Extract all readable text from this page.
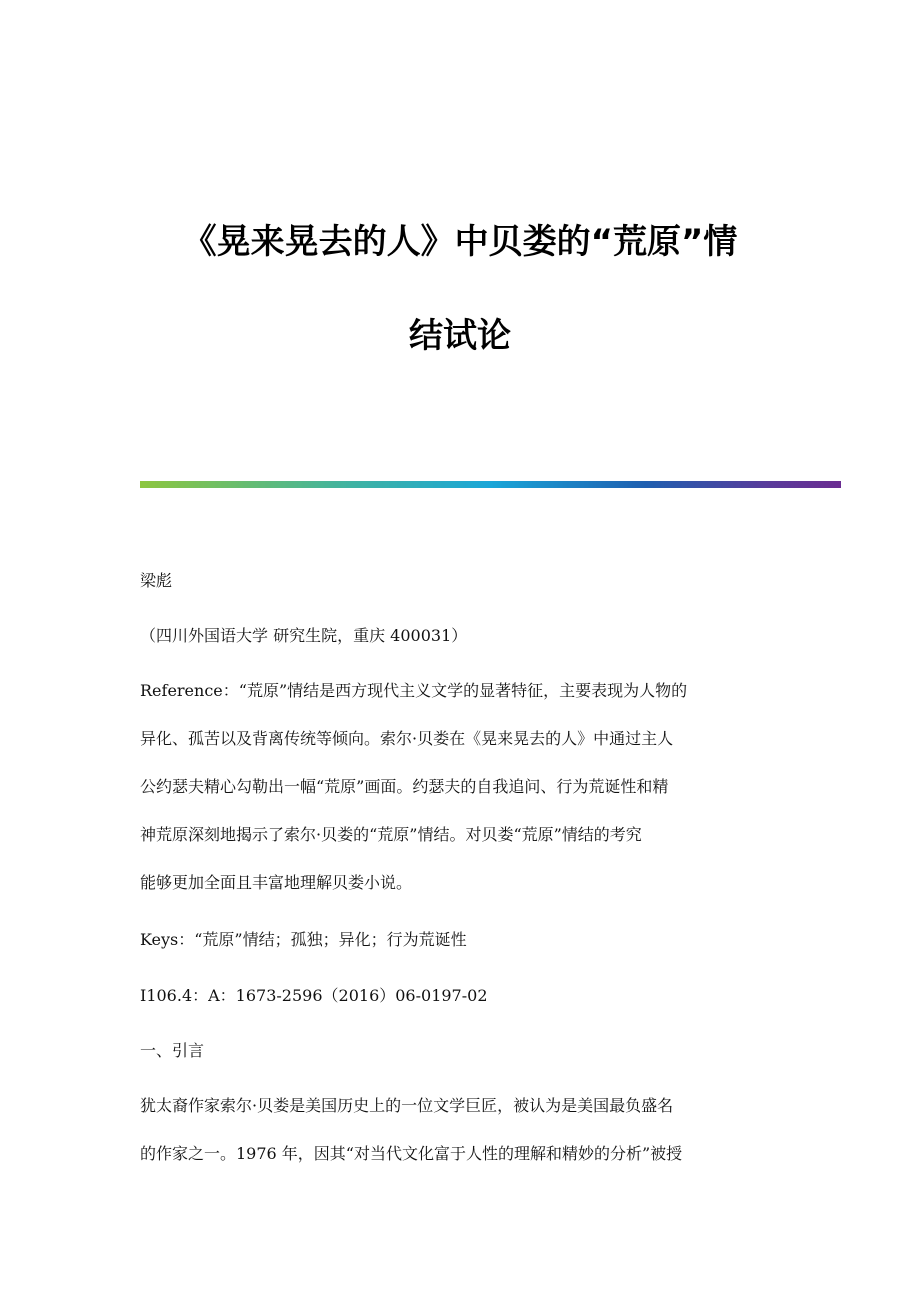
《晃来晃去的人》中贝娄的“荒原”情
结试论
梁彪
（四川外国语大学 研究生院，重庆 400031）
Reference：“荒原”情结是西方现代主义文学的显著特征，主要表现为人物的
异化、孤苦以及背离传统等倾向。索尔·贝娄在《晃来晃去的人》中通过主人
公约瑟夫精心勾勒出一幅“荒原”画面。约瑟夫的自我追问、行为荒诞性和精
神荒原深刻地揭示了索尔·贝娄的“荒原”情结。对贝娄“荒原”情结的考究
能够更加全面且丰富地理解贝娄小说。
Keys：“荒原”情结；孤独；异化；行为荒诞性
I106.4：A：1673-2596（2016）06-0197-02
一、引言
犹太裔作家索尔·贝娄是美国历史上的一位文学巨匠，被认为是美国最负盛名
的作家之一。1976 年，因其“对当代文化富于人性的理解和精妙的分析”被授
